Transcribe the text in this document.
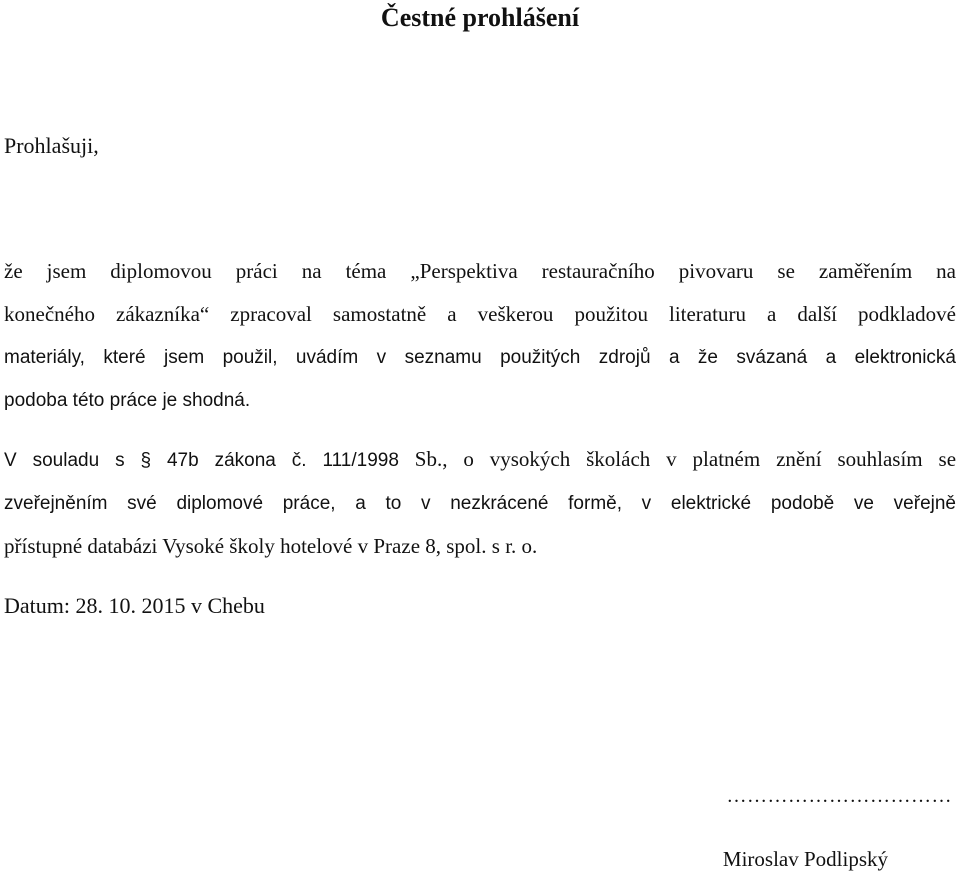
Čestné prohlášení
Prohlašuji,
že jsem diplomovou práci na téma „Perspektiva restauračního pivovaru se zaměřením na
konečného zákazníka“ zpracoval samostatně a veškerou použitou literaturu a další podkladové
materiály, které jsem použil, uvádím v seznamu použitých zdrojů a že svázaná a elektronická
podoba této práce je shodná.
V souladu s § 47b zákona č. 111/1998 Sb., o vysokých školách v platném znění souhlasím se
zveřejněním své diplomové práce, a to v nezkrácené formě, v elektrické podobě ve veřejně
přístupné databázi Vysoké školy hotelové v Praze 8, spol. s r. o.
Datum: 28. 10. 2015 v Chebu
……………………………
Miroslav Podlipský
